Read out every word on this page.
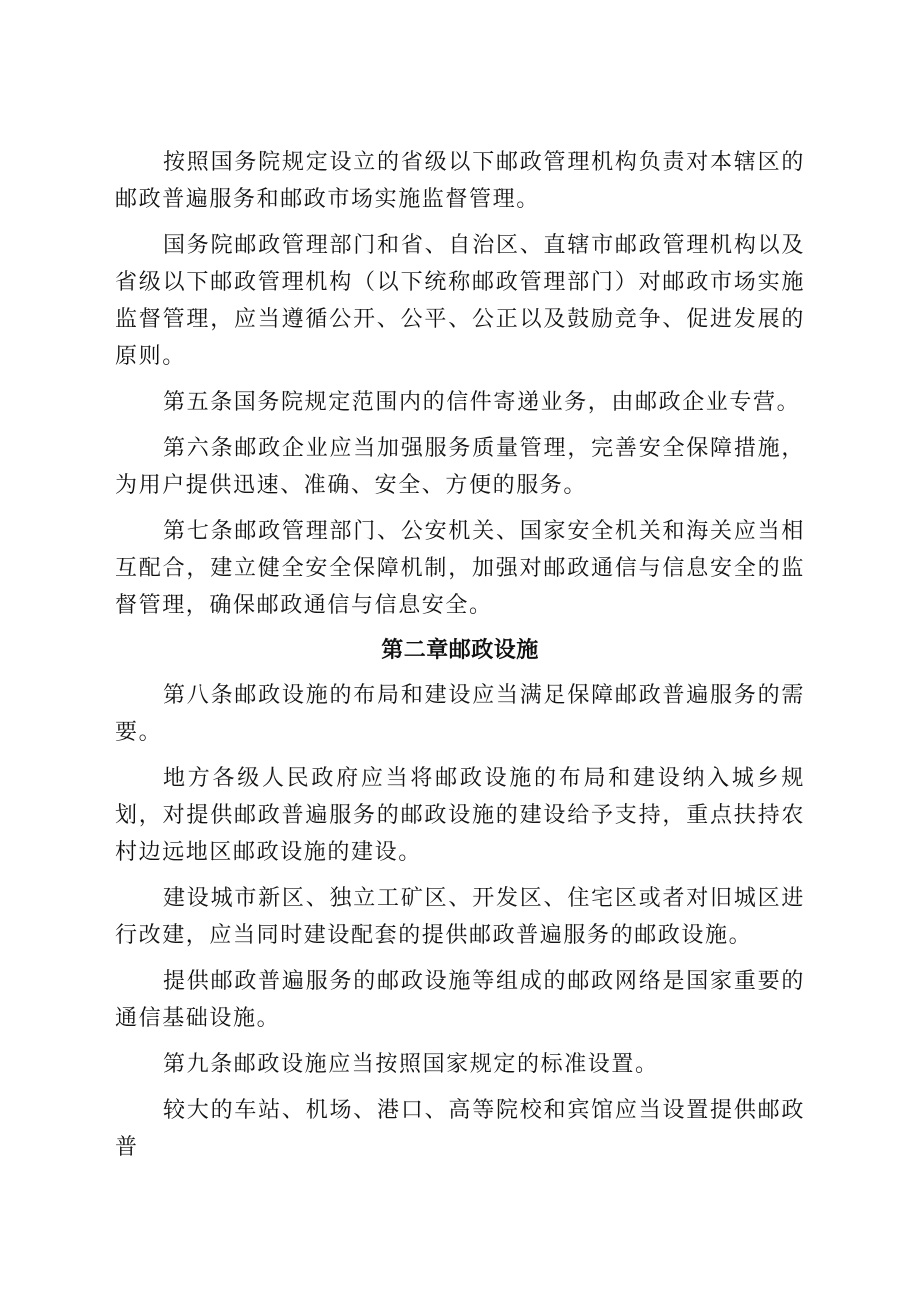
按照国务院规定设立的省级以下邮政管理机构负责对本辖区的邮政普遍服务和邮政市场实施监督管理。

国务院邮政管理部门和省、自治区、直辖市邮政管理机构以及省级以下邮政管理机构（以下统称邮政管理部门）对邮政市场实施监督管理，应当遵循公开、公平、公正以及鼓励竞争、促进发展的原则。

第五条国务院规定范围内的信件寄递业务，由邮政企业专营。

第六条邮政企业应当加强服务质量管理，完善安全保障措施，为用户提供迅速、准确、安全、方便的服务。

第七条邮政管理部门、公安机关、国家安全机关和海关应当相互配合，建立健全安全保障机制，加强对邮政通信与信息安全的监督管理，确保邮政通信与信息安全。

第二章邮政设施

第八条邮政设施的布局和建设应当满足保障邮政普遍服务的需要。

地方各级人民政府应当将邮政设施的布局和建设纳入城乡规划，对提供邮政普遍服务的邮政设施的建设给予支持，重点扶持农村边远地区邮政设施的建设。

建设城市新区、独立工矿区、开发区、住宅区或者对旧城区进行改建，应当同时建设配套的提供邮政普遍服务的邮政设施。

提供邮政普遍服务的邮政设施等组成的邮政网络是国家重要的通信基础设施。

第九条邮政设施应当按照国家规定的标准设置。

较大的车站、机场、港口、高等院校和宾馆应当设置提供邮政普
